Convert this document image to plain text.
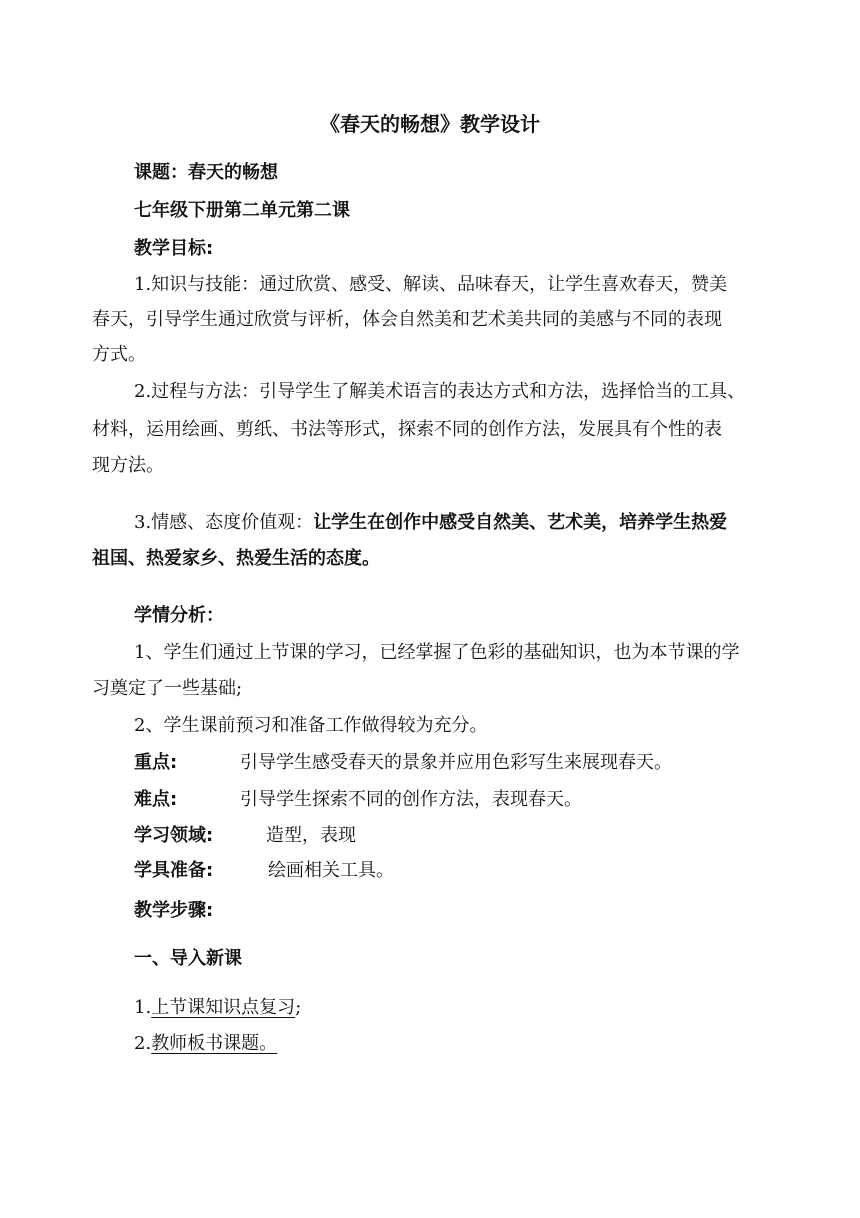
《春天的畅想》教学设计

课题：春天的畅想

七年级下册第二单元第二课

教学目标:

1.知识与技能：通过欣赏、感受、解读、品味春天，让学生喜欢春天，赞美

春天，引导学生通过欣赏与评析，体会自然美和艺术美共同的美感与不同的表现

方式。

2.过程与方法：引导学生了解美术语言的表达方式和方法，选择恰当的工具、

材料，运用绘画、剪纸、书法等形式，探索不同的创作方法，发展具有个性的表

现方法。

3.情感、态度价值观：让学生在创作中感受自然美、艺术美，培养学生热爱

祖国、热爱家乡、热爱生活的态度。

学情分析：

1、学生们通过上节课的学习，已经掌握了色彩的基础知识，也为本节课的学

习奠定了一些基础;

2、学生课前预习和准备工作做得较为充分。

重点:	引导学生感受春天的景象并应用色彩写生来展现春天。

难点:	引导学生探索不同的创作方法，表现春天。

学习领域:	造型，表现

学具准备:	绘画相关工具。

教学步骤:

一、导入新课

1.上节课知识点复习;

2.教师板书课题。
